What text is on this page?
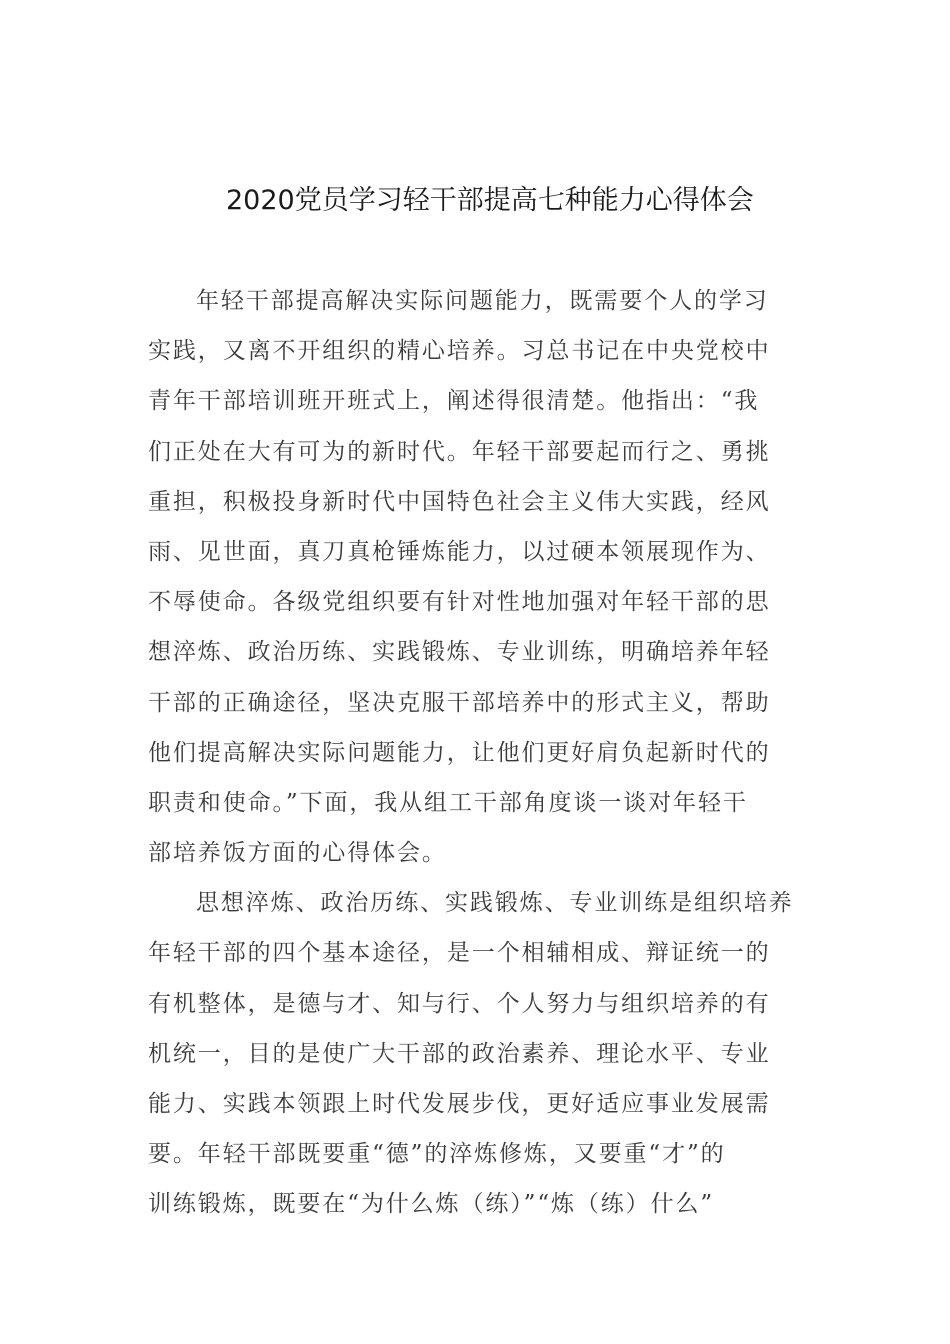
2020党员学习轻干部提高七种能力心得体会
年轻干部提高解决实际问题能力，既需要个人的学习
实践，又离不开组织的精心培养。习总书记在中央党校中
青年干部培训班开班式上，阐述得很清楚。他指出：“我
们正处在大有可为的新时代。年轻干部要起而行之、勇挑
重担，积极投身新时代中国特色社会主义伟大实践，经风
雨、见世面，真刀真枪锤炼能力，以过硬本领展现作为、
不辱使命。各级党组织要有针对性地加强对年轻干部的思
想淬炼、政治历练、实践锻炼、专业训练，明确培养年轻
干部的正确途径，坚决克服干部培养中的形式主义，帮助
他们提高解决实际问题能力，让他们更好肩负起新时代的
职责和使命。”下面，我从组工干部角度谈一谈对年轻干
部培养饭方面的心得体会。
思想淬炼、政治历练、实践锻炼、专业训练是组织培养
年轻干部的四个基本途径，是一个相辅相成、辩证统一的
有机整体，是德与才、知与行、个人努力与组织培养的有
机统一，目的是使广大干部的政治素养、理论水平、专业
能力、实践本领跟上时代发展步伐，更好适应事业发展需
要。年轻干部既要重“德”的淬炼修炼，又要重“才”的
训练锻炼，既要在“为什么炼（练）”“炼（练）什么”
